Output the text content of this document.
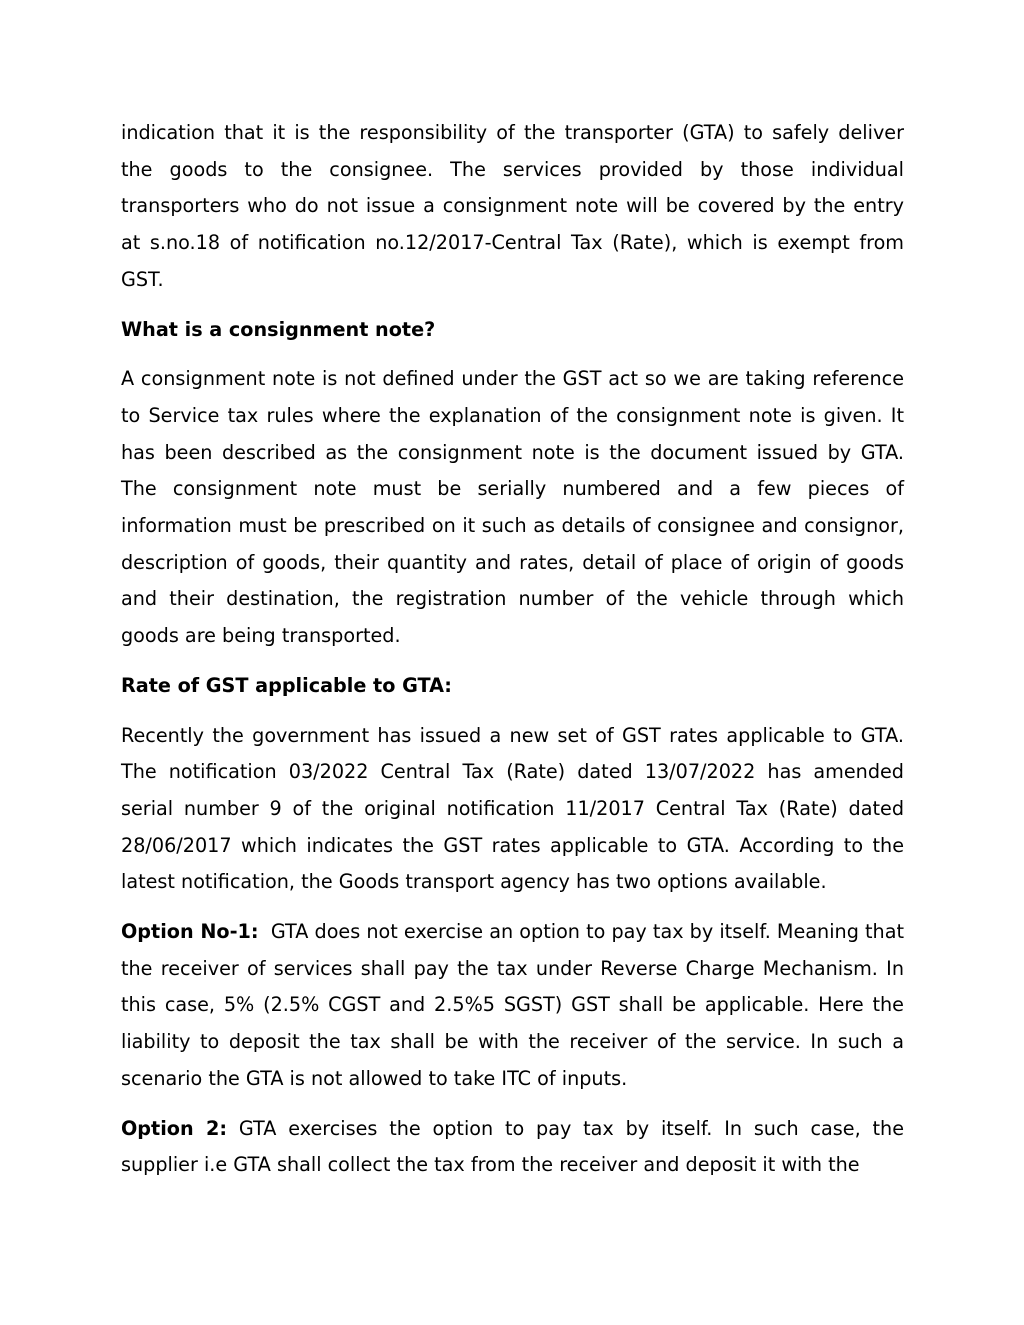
indication that it is the responsibility of the transporter (GTA) to safely deliver the goods to the consignee. The services provided by those individual transporters who do not issue a consignment note will be covered by the entry at s.no.18 of notification no.12/2017-Central Tax (Rate), which is exempt from GST.

What is a consignment note?

A consignment note is not defined under the GST act so we are taking reference to Service tax rules where the explanation of the consignment note is given. It has been described as the consignment note is the document issued by GTA. The consignment note must be serially numbered and a few pieces of information must be prescribed on it such as details of consignee and consignor, description of goods, their quantity and rates, detail of place of origin of goods and their destination, the registration number of the vehicle through which goods are being transported.

Rate of GST applicable to GTA:

Recently the government has issued a new set of GST rates applicable to GTA. The notification 03/2022 Central Tax (Rate) dated 13/07/2022 has amended serial number 9 of the original notification 11/2017 Central Tax (Rate) dated 28/06/2017 which indicates the GST rates applicable to GTA. According to the latest notification, the Goods transport agency has two options available.

Option No-1: GTA does not exercise an option to pay tax by itself. Meaning that the receiver of services shall pay the tax under Reverse Charge Mechanism. In this case, 5% (2.5% CGST and 2.5%5 SGST) GST shall be applicable. Here the liability to deposit the tax shall be with the receiver of the service. In such a scenario the GTA is not allowed to take ITC of inputs.

Option 2: GTA exercises the option to pay tax by itself. In such case, the supplier i.e GTA shall collect the tax from the receiver and deposit it with the
